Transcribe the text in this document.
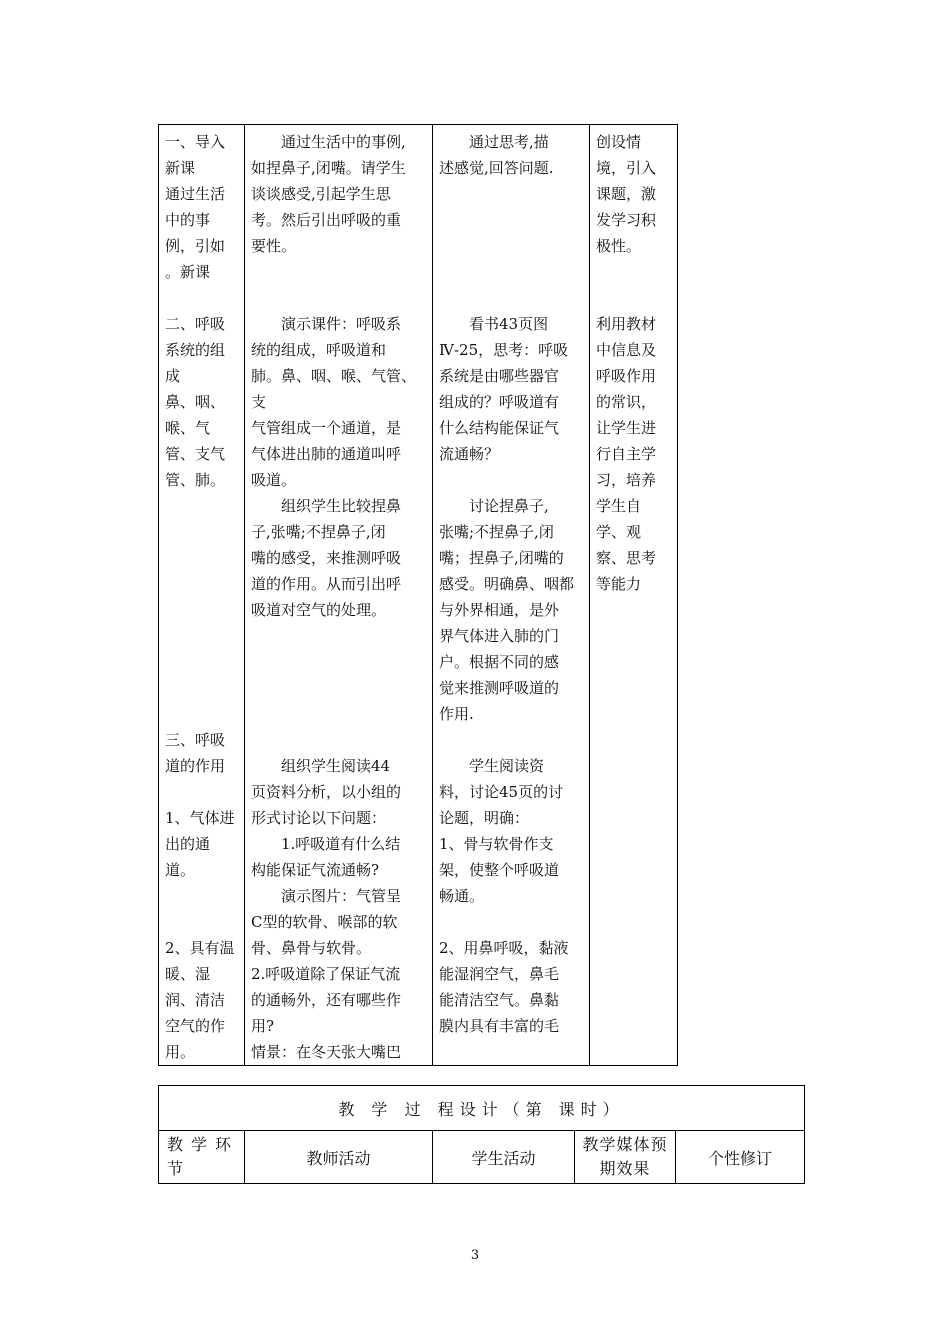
一、导入
新课
通过生活
中的事
例，引如
。新课
二、呼吸
系统的组
成
鼻、咽、
喉、气
管、支气
管、肺。
三、呼吸
道的作用
1、气体进
出的通
道。
2、具有温
暖、湿
润、清洁
空气的作
用。

通过生活中的事例,
如捏鼻子,闭嘴。请学生
谈谈感受,引起学生思
考。然后引出呼吸的重
要性。
演示课件：呼吸系
统的组成，呼吸道和
肺。鼻、咽、喉、气管、支
气管组成一个通道，是
气体进出肺的通道叫呼
吸道。
组织学生比较捏鼻
子,张嘴;不捏鼻子,闭
嘴的感受，来推测呼吸
道的作用。从而引出呼
吸道对空气的处理。
组织学生阅读44
页资料分析，以小组的
形式讨论以下问题：
1.呼吸道有什么结
构能保证气流通畅?
演示图片：气管呈
C型的软骨、喉部的软
骨、鼻骨与软骨。
2.呼吸道除了保证气流
的通畅外，还有哪些作
用?
情景：在冬天张大嘴巴

通过思考,描
述感觉,回答问题.
看书43页图
Ⅳ-25，思考：呼吸
系统是由哪些器官
组成的？呼吸道有
什么结构能保证气
流通畅？
讨论捏鼻子,
张嘴;不捏鼻子,闭
嘴；捏鼻子,闭嘴的
感受。明确鼻、咽都
与外界相通，是外
界气体进入肺的门
户。根据不同的感
觉来推测呼吸道的
作用.
学生阅读资
料，讨论45页的讨
论题，明确：
1、骨与软骨作支
架，使整个呼吸道
畅通。
2、用鼻呼吸，黏液
能湿润空气，鼻毛
能清洁空气。鼻黏
膜内具有丰富的毛

创设情
境，引入
课题，激
发学习积
极性。
利用教材
中信息及
呼吸作用
的常识，
让学生进
行自主学
习，培养
学生自
学、观
察、思考
等能力

教 学 过 程设计（第 课时）
教学环节	教师活动	学生活动	教学媒体预期效果	个性修订
3
